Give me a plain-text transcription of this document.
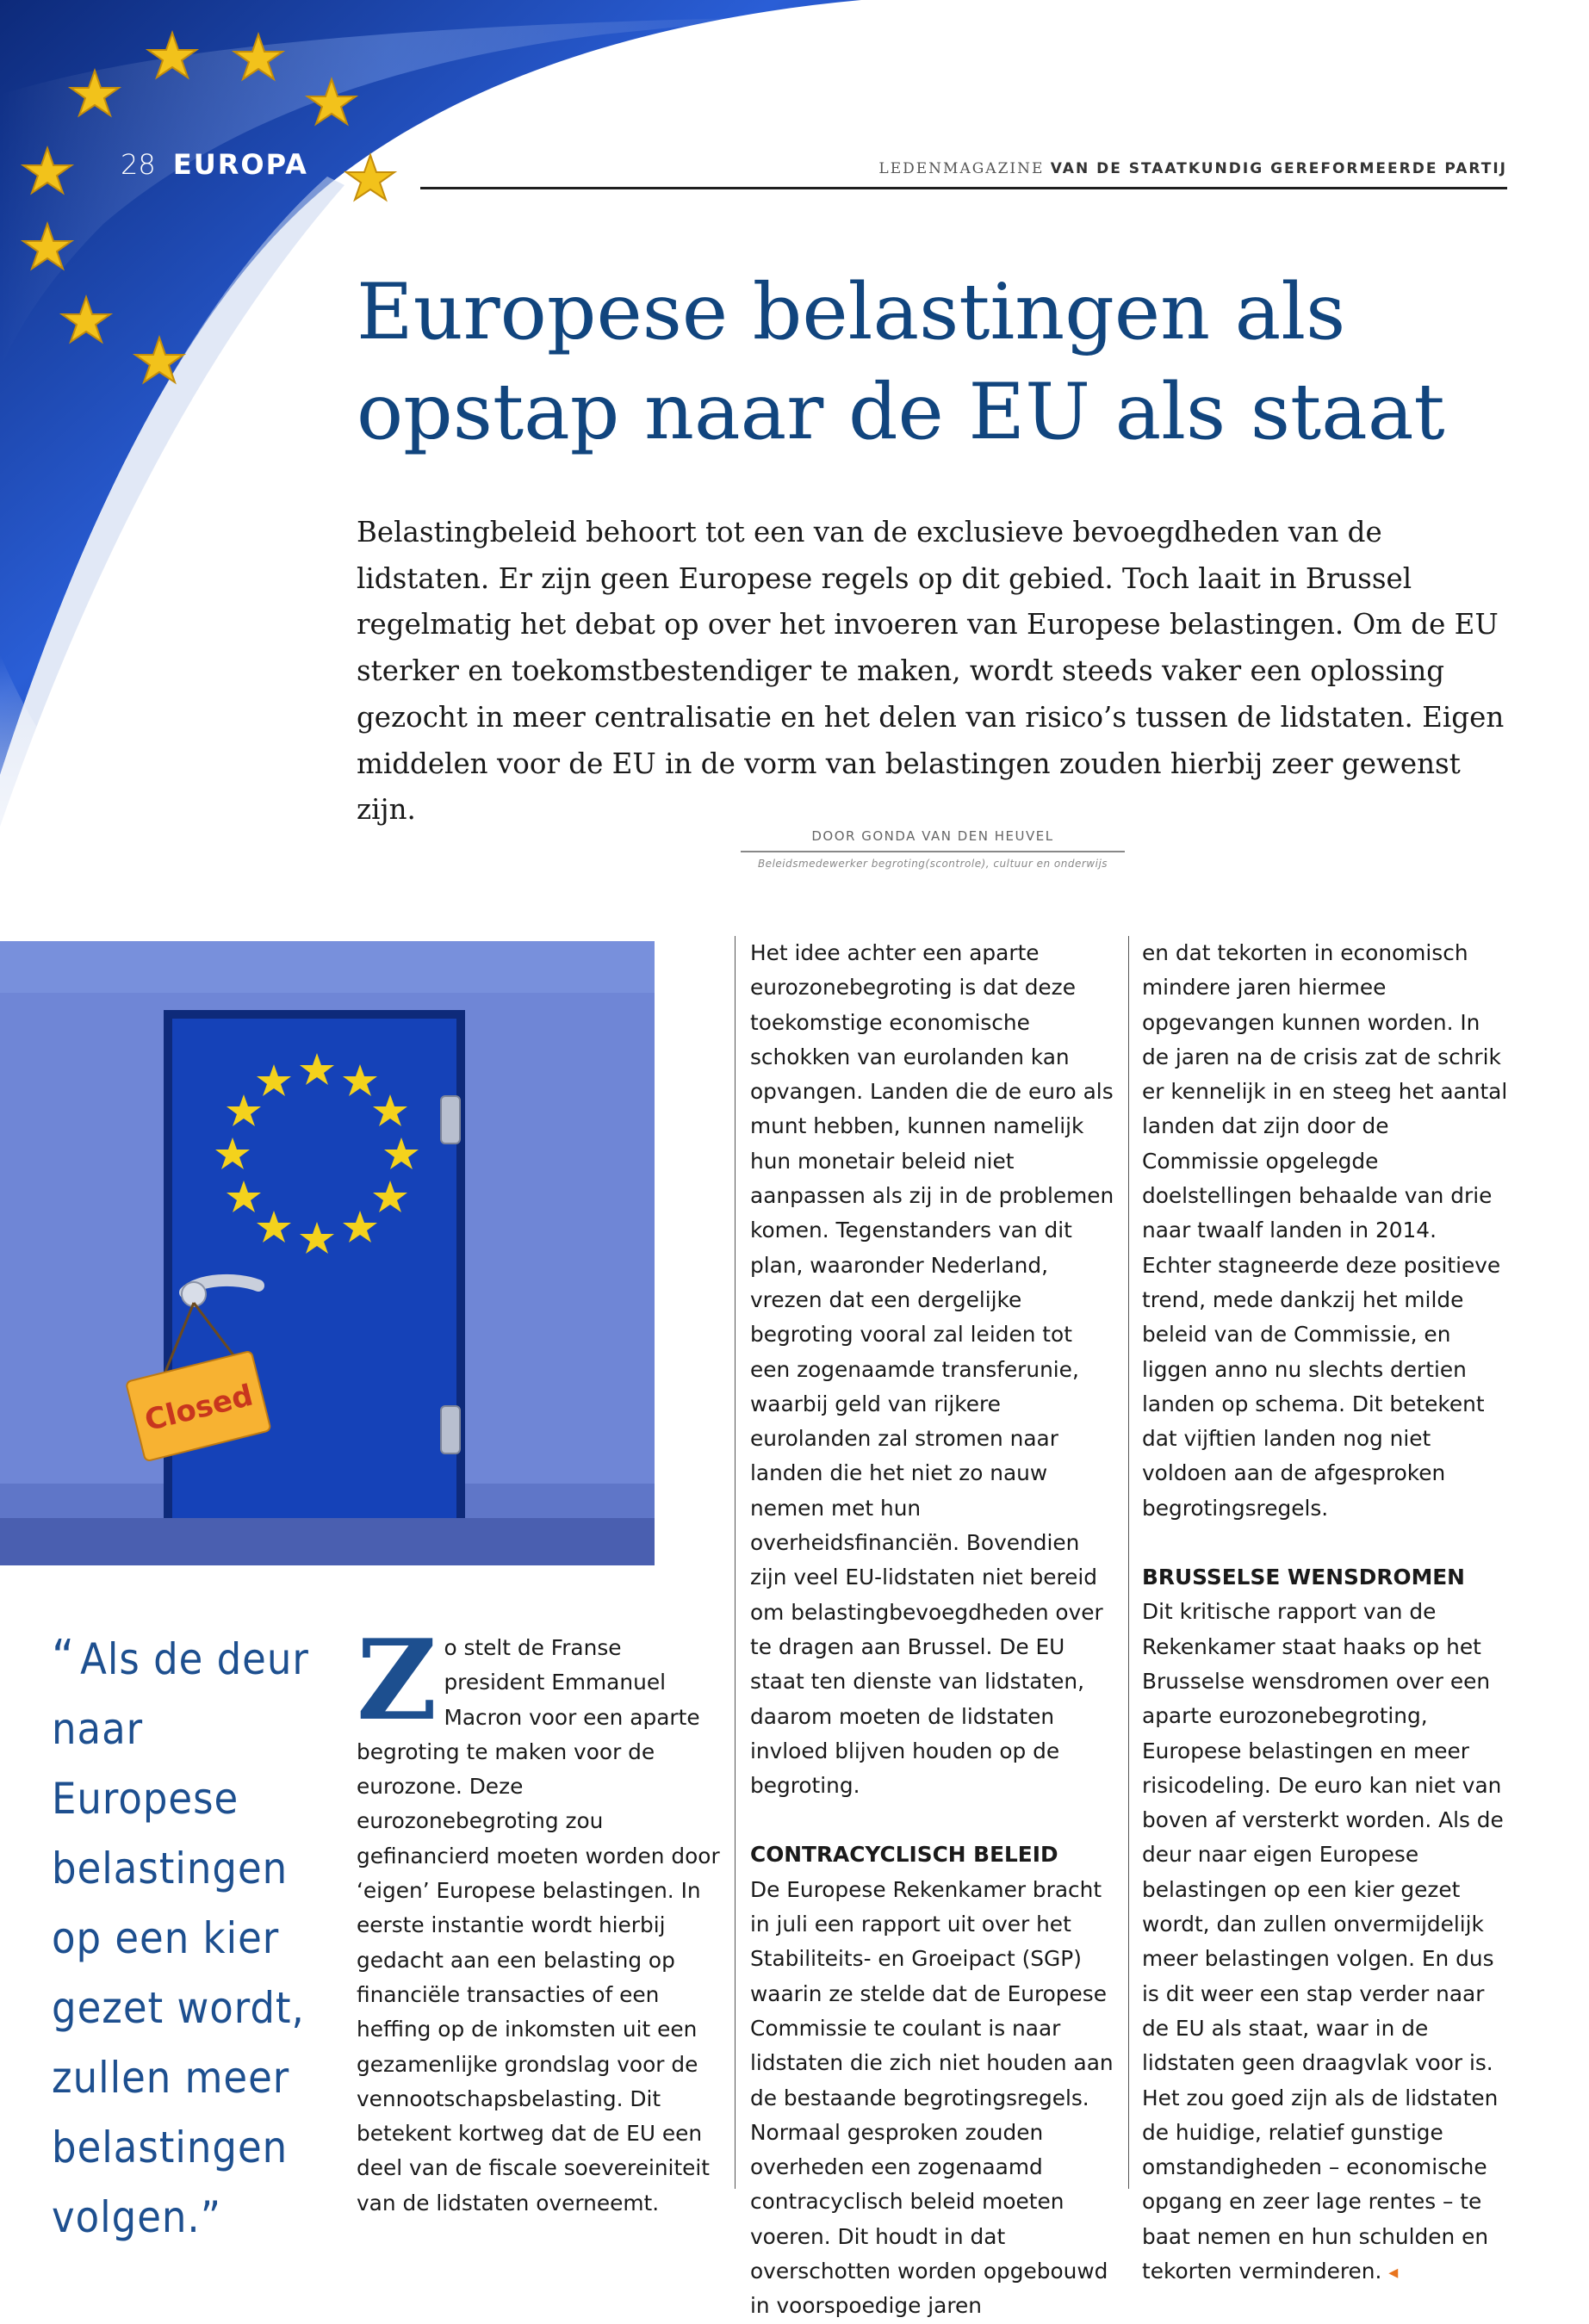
28 EUROPA	LEDENMAGAZINE VAN DE STAATKUNDIG GEREFORMEERDE PARTIJ
Europese belastingen als
opstap naar de EU als staat

Belastingbeleid behoort tot een van de exclusieve bevoegdheden van de lidstaten. Er zijn geen Europese regels op dit gebied. Toch laait in Brussel regelmatig het debat op over het invoeren van Europese belastingen. Om de EU sterker en toekomstbestendiger te maken, wordt steeds vaker een oplossing gezocht in meer centralisatie en het delen van risico’s tussen de lidstaten. Eigen middelen voor de EU in de vorm van belastingen zouden hierbij zeer gewenst zijn.

DOOR GONDA VAN DEN HEUVEL
Beleidsmedewerker begroting(scontrole), cultuur en onderwijs
Closed
“ Als de deur naar Europese belastingen op een kier gezet wordt, zullen meer belastingen volgen.”
Z o stelt de Franse president Emmanuel Macron voor een aparte begroting te maken voor de eurozone. Deze eurozonebegroting zou gefinancierd moeten worden door ‘eigen’ Europese belastingen. In eerste instantie wordt hierbij gedacht aan een belasting op financiële transacties of een heffing op de inkomsten uit een gezamenlijke grondslag voor de vennootschapsbelasting. Dit betekent kortweg dat de EU een deel van de fiscale soevereiniteit van de lidstaten overneemt.

Het idee achter een aparte eurozonebegroting is dat deze toekomstige economische schokken van eurolanden kan opvangen. Landen die de euro als munt hebben, kunnen namelijk hun monetair beleid niet aanpassen als zij in de problemen komen. Tegenstanders van dit plan, waaronder Nederland, vrezen dat een dergelijke begroting vooral zal leiden tot een zogenaamde transferunie, waarbij geld van rijkere eurolanden zal stromen naar landen die het niet zo nauw nemen met hun overheidsfinanciën. Bovendien zijn veel EU-lidstaten niet bereid om belastingbevoegdheden over te dragen aan Brussel. De EU staat ten dienste van lidstaten, daarom moeten de lidstaten invloed blijven houden op de begroting.

CONTRACYCLISCH BELEID

De Europese Rekenkamer bracht in juli een rapport uit over het Stabiliteits- en Groeipact (SGP) waarin ze stelde dat de Europese Commissie te coulant is naar lidstaten die zich niet houden aan de bestaande begrotingsregels. Normaal gesproken zouden overheden een zogenaamd contracyclisch beleid moeten voeren. Dit houdt in dat overschotten worden opgebouwd in voorspoedige jaren

en dat tekorten in economisch mindere jaren hiermee opgevangen kunnen worden. In de jaren na de crisis zat de schrik er kennelijk in en steeg het aantal landen dat zijn door de Commissie opgelegde doelstellingen behaalde van drie naar twaalf landen in 2014. Echter stagneerde deze positieve trend, mede dankzij het milde beleid van de Commissie, en liggen anno nu slechts dertien landen op schema. Dit betekent dat vijftien landen nog niet voldoen aan de afgesproken begrotingsregels.

BRUSSELSE WENSDROMEN

Dit kritische rapport van de Rekenkamer staat haaks op het Brusselse wensdromen over een aparte eurozonebegroting, Europese belastingen en meer risicodeling. De euro kan niet van boven af versterkt worden. Als de deur naar eigen Europese belastingen op een kier gezet wordt, dan zullen onvermijdelijk meer belastingen volgen. En dus is dit weer een stap verder naar de EU als staat, waar in de lidstaten geen draagvlak voor is. Het zou goed zijn als de lidstaten de huidige, relatief gunstige omstandigheden – economische opgang en zeer lage rentes – te baat nemen en hun schulden en tekorten verminderen. ◂
